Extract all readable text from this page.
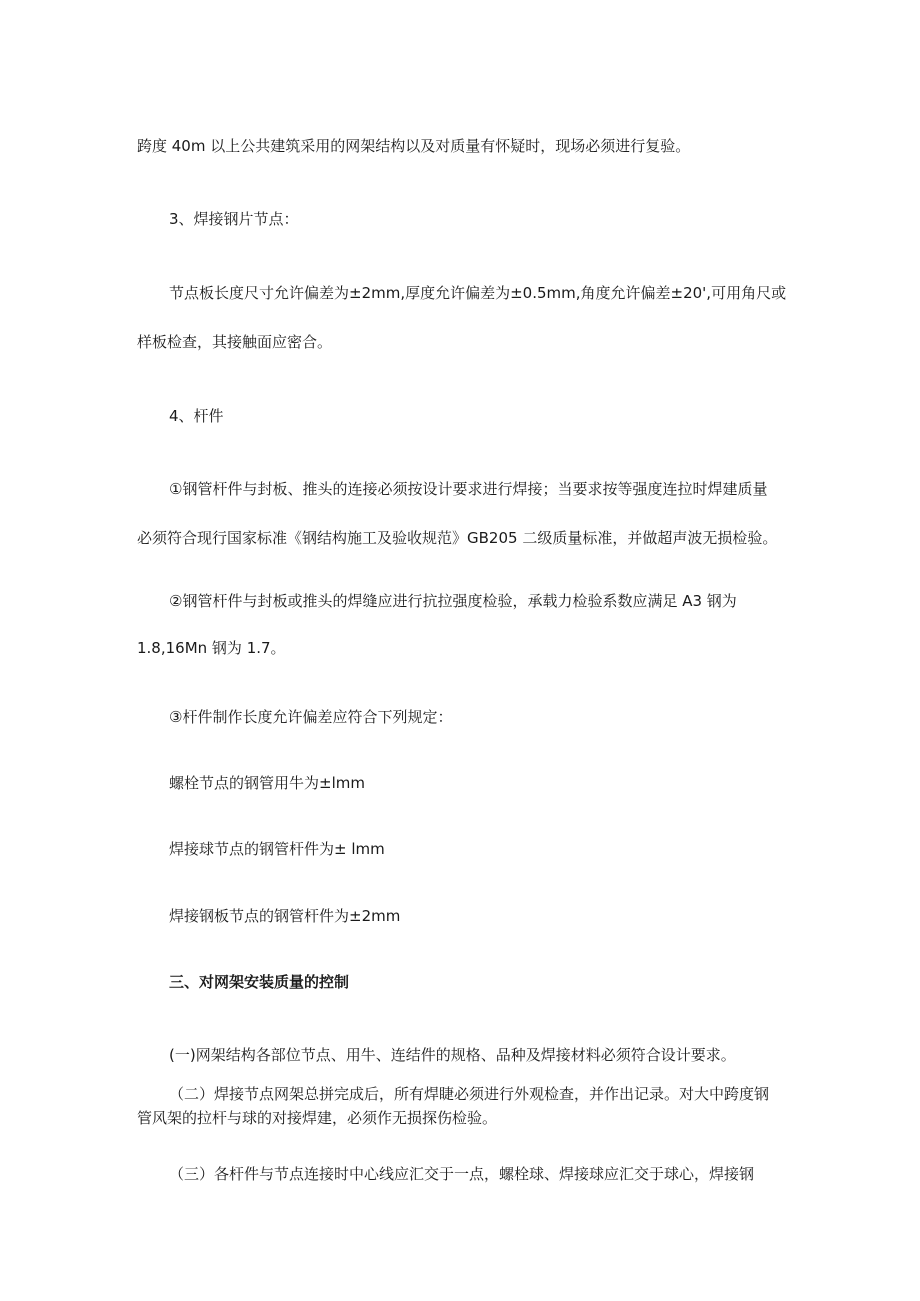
跨度 40m 以上公共建筑采用的网架结构以及对质量有怀疑时，现场必须进行复验。
3、焊接钢片节点：
节点板长度尺寸允许偏差为±2mm,厚度允许偏差为±0.5mm,角度允许偏差±20',可用角尺或
样板检查，其接触面应密合。
4、杆件
①钢管杆件与封板、推头的连接必须按设计要求进行焊接；当要求按等强度连拉时焊建质量
必须符合现行国家标准《钢结构施工及验收规范》GB205 二级质量标准，并做超声波无损检验。
②钢管杆件与封板或推头的焊缝应进行抗拉强度检验，承载力检验系数应满足 A3 钢为
1.8,16Mn 钢为 1.7。
③杆件制作长度允许偏差应符合下列规定：
螺栓节点的钢管用牛为±lmm
焊接球节点的钢管杆件为± lmm
焊接钢板节点的钢管杆件为±2mm
三、对网架安装质量的控制
(一)网架结构各部位节点、用牛、连结件的规格、品种及焊接材料必须符合设计要求。
（二）焊接节点网架总拼完成后，所有焊睫必须进行外观检查，并作出记录。对大中跨度钢
管风架的拉杆与球的对接焊建，必须作无损探伤检验。
（三）各杆件与节点连接时中心线应汇交于一点，螺栓球、焊接球应汇交于球心，焊接钢
